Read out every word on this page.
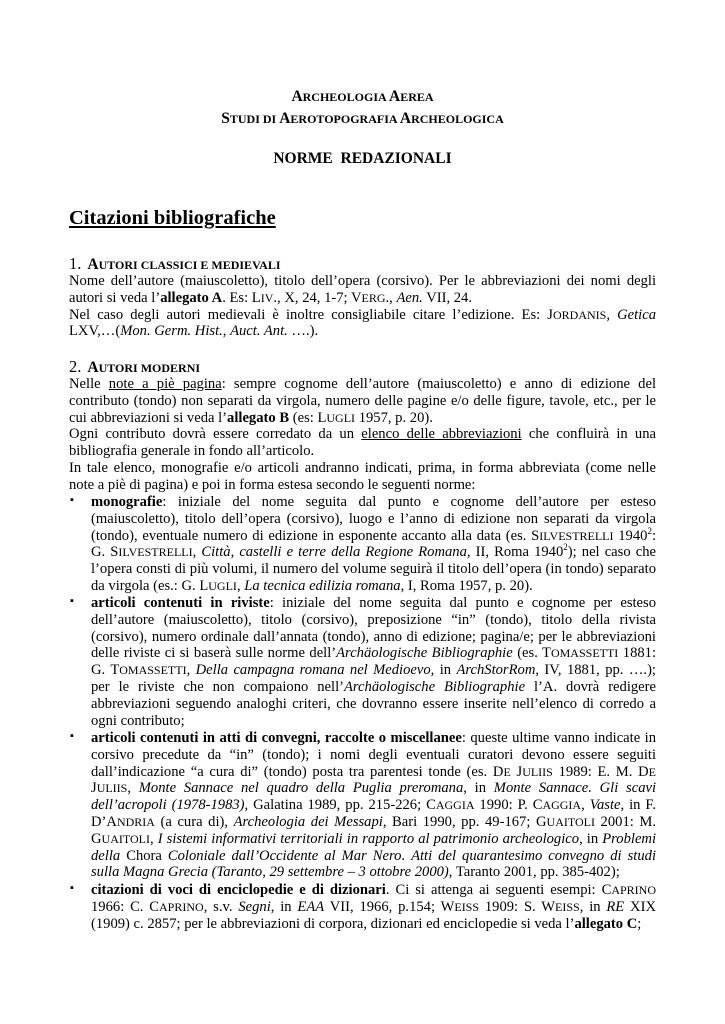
ARCHEOLOGIA AEREA
STUDI DI AEROTOPOGRAFIA ARCHEOLOGICA
NORME  REDAZIONALI
Citazioni bibliografiche
1. AUTORI CLASSICI E MEDIEVALI
Nome dell’autore (maiuscoletto), titolo dell’opera (corsivo). Per le abbreviazioni dei nomi degli
autori si veda l’allegato A. Es: LIV., X, 24, 1-7; VERG., Aen. VII, 24.
Nel caso degli autori medievali è inoltre consigliabile citare l’edizione. Es: JORDANIS, Getica
LXV,…(Mon. Germ. Hist., Auct. Ant. ….).
2. AUTORI MODERNI
Nelle note a piè pagina: sempre cognome dell’autore (maiuscoletto) e anno di edizione del
contributo (tondo) non separati da virgola, numero delle pagine e/o delle figure, tavole, etc., per le
cui abbreviazioni si veda l’allegato B (es: LUGLI 1957, p. 20).
Ogni contributo dovrà essere corredato da un elenco delle abbreviazioni che confluirà in una
bibliografia generale in fondo all’articolo.
In tale elenco, monografie e/o articoli andranno indicati, prima, in forma abbreviata (come nelle
note a piè di pagina) e poi in forma estesa secondo le seguenti norme:
▪ monografie: iniziale del nome seguita dal punto e cognome dell’autore per esteso
(maiuscoletto), titolo dell’opera (corsivo), luogo e l’anno di edizione non separati da virgola
(tondo), eventuale numero di edizione in esponente accanto alla data (es. SILVESTRELLI 1940$^2$:
G. SILVESTRELLI, Città, castelli e terre della Regione Romana, II, Roma 1940$^2$); nel caso che
l’opera consti di più volumi, il numero del volume seguirà il titolo dell’opera (in tondo) separato
da virgola (es.: G. LUGLI, La tecnica edilizia romana, I, Roma 1957, p. 20).
▪ articoli contenuti in riviste: iniziale del nome seguita dal punto e cognome per esteso
dell’autore (maiuscoletto), titolo (corsivo), preposizione “in” (tondo), titolo della rivista
(corsivo), numero ordinale dall’annata (tondo), anno di edizione; pagina/e; per le abbreviazioni
delle riviste ci si baserà sulle norme dell’Archäologische Bibliographie (es. TOMASSETTI 1881:
G. TOMASSETTI, Della campagna romana nel Medioevo, in ArchStorRom, IV, 1881, pp. ….);
per le riviste che non compaiono nell’Archäologische Bibliographie l’A. dovrà redigere
abbreviazioni seguendo analoghi criteri, che dovranno essere inserite nell’elenco di corredo a
ogni contributo;
▪ articoli contenuti in atti di convegni, raccolte o miscellanee: queste ultime vanno indicate in
corsivo precedute da “in” (tondo); i nomi degli eventuali curatori devono essere seguiti
dall’indicazione “a cura di” (tondo) posta tra parentesi tonde (es. DE JULIIS 1989: E. M. DE
JULIIS, Monte Sannace nel quadro della Puglia preromana, in Monte Sannace. Gli scavi
dell’acropoli (1978-1983), Galatina 1989, pp. 215-226; CAGGIA 1990: P. CAGGIA, Vaste, in F.
D’ANDRIA (a cura di), Archeologia dei Messapi, Bari 1990, pp. 49-167; GUAITOLI 2001: M.
GUAITOLI, I sistemi informativi territoriali in rapporto al patrimonio archeologico, in Problemi
della Chora Coloniale dall’Occidente al Mar Nero. Atti del quarantesimo convegno di studi
sulla Magna Grecia (Taranto, 29 settembre – 3 ottobre 2000), Taranto 2001, pp. 385-402);
▪ citazioni di voci di enciclopedie e di dizionari. Ci si attenga ai seguenti esempi: CAPRINO
1966: C. CAPRINO, s.v. Segni, in EAA VII, 1966, p.154; WEISS 1909: S. WEISS, in RE XIX
(1909) c. 2857; per le abbreviazioni di corpora, dizionari ed enciclopedie si veda l’allegato C;
